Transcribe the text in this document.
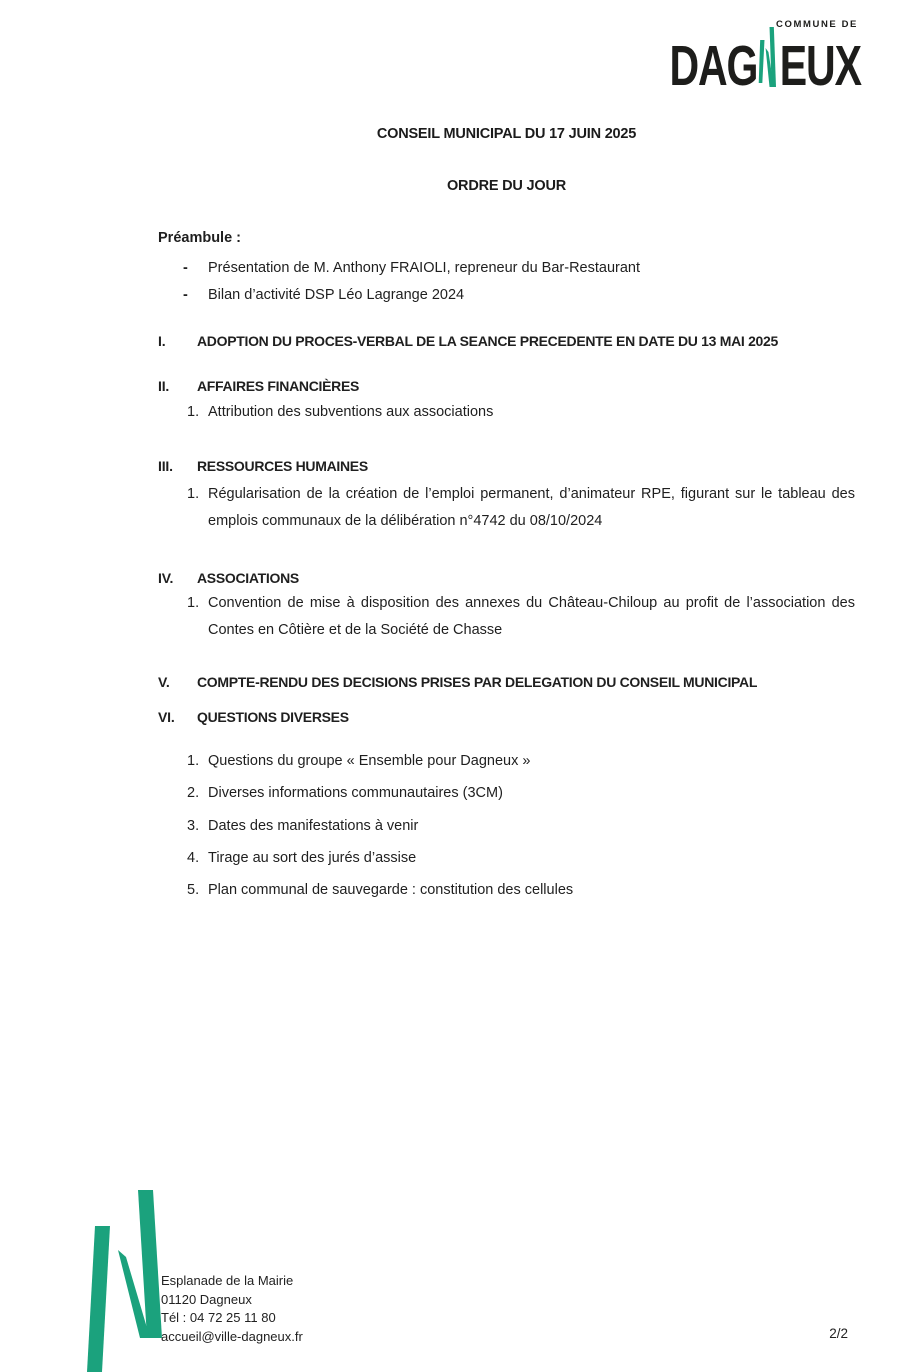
COMMUNE DE
DAG EUX
CONSEIL MUNICIPAL DU 17 JUIN 2025
ORDRE DU JOUR
Préambule :
- Présentation de M. Anthony FRAIOLI, repreneur du Bar-Restaurant
- Bilan d’activité DSP Léo Lagrange 2024
I. ADOPTION DU PROCES-VERBAL DE LA SEANCE PRECEDENTE EN DATE DU 13 MAI 2025
II. AFFAIRES FINANCIÈRES
1. Attribution des subventions aux associations
III. RESSOURCES HUMAINES
1. Régularisation de la création de l’emploi permanent, d’animateur RPE, figurant sur le tableau des emplois communaux de la délibération n°4742 du 08/10/2024
IV. ASSOCIATIONS
1. Convention de mise à disposition des annexes du Château-Chiloup au profit de l’association des Contes en Côtière et de la Société de Chasse
V. COMPTE-RENDU DES DECISIONS PRISES PAR DELEGATION DU CONSEIL MUNICIPAL
VI. QUESTIONS DIVERSES
1. Questions du groupe « Ensemble pour Dagneux »
2. Diverses informations communautaires (3CM)
3. Dates des manifestations à venir
4. Tirage au sort des jurés d’assise
5. Plan communal de sauvegarde : constitution des cellules
Esplanade de la Mairie
01120 Dagneux
Tél : 04 72 25 11 80
accueil@ville-dagneux.fr	2/2
